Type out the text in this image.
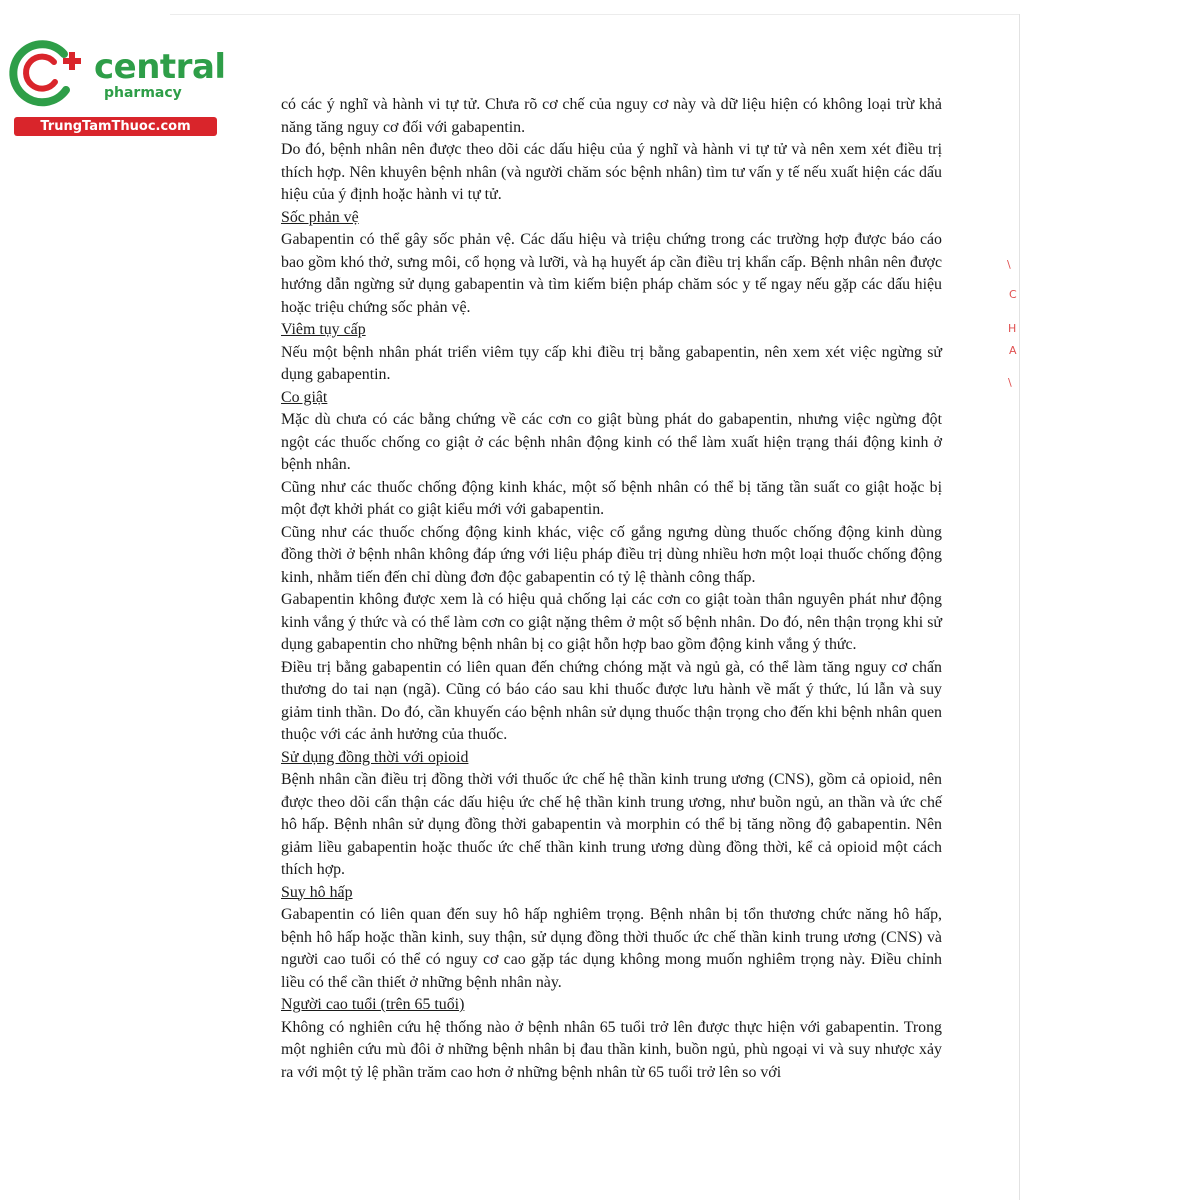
central
pharmacy
TrungTamThuoc.com
\
C
H
A
\

có các ý nghĩ và hành vi tự tử. Chưa rõ cơ chế của nguy cơ này và dữ liệu hiện có không loại trừ khả năng tăng nguy cơ đối với gabapentin.

Do đó, bệnh nhân nên được theo dõi các dấu hiệu của ý nghĩ và hành vi tự tử và nên xem xét điều trị thích hợp. Nên khuyên bệnh nhân (và người chăm sóc bệnh nhân) tìm tư vấn y tế nếu xuất hiện các dấu hiệu của ý định hoặc hành vi tự tử.

Sốc phản vệ

Gabapentin có thể gây sốc phản vệ. Các dấu hiệu và triệu chứng trong các trường hợp được báo cáo bao gồm khó thở, sưng môi, cổ họng và lưỡi, và hạ huyết áp cần điều trị khẩn cấp. Bệnh nhân nên được hướng dẫn ngừng sử dụng gabapentin và tìm kiếm biện pháp chăm sóc y tế ngay nếu gặp các dấu hiệu hoặc triệu chứng sốc phản vệ.

Viêm tụy cấp

Nếu một bệnh nhân phát triển viêm tụy cấp khi điều trị bằng gabapentin, nên xem xét việc ngừng sử dụng gabapentin.

Co giật

Mặc dù chưa có các bằng chứng về các cơn co giật bùng phát do gabapentin, nhưng việc ngừng đột ngột các thuốc chống co giật ở các bệnh nhân động kinh có thể làm xuất hiện trạng thái động kinh ở bệnh nhân.

Cũng như các thuốc chống động kinh khác, một số bệnh nhân có thể bị tăng tần suất co giật hoặc bị một đợt khởi phát co giật kiểu mới với gabapentin.

Cũng như các thuốc chống động kinh khác, việc cố gắng ngưng dùng thuốc chống động kinh dùng đồng thời ở bệnh nhân không đáp ứng với liệu pháp điều trị dùng nhiều hơn một loại thuốc chống động kinh, nhằm tiến đến chỉ dùng đơn độc gabapentin có tỷ lệ thành công thấp.

Gabapentin không được xem là có hiệu quả chống lại các cơn co giật toàn thân nguyên phát như động kinh vắng ý thức và có thể làm cơn co giật nặng thêm ở một số bệnh nhân. Do đó, nên thận trọng khi sử dụng gabapentin cho những bệnh nhân bị co giật hỗn hợp bao gồm động kinh vắng ý thức.

Điều trị bằng gabapentin có liên quan đến chứng chóng mặt và ngủ gà, có thể làm tăng nguy cơ chấn thương do tai nạn (ngã). Cũng có báo cáo sau khi thuốc được lưu hành về mất ý thức, lú lẫn và suy giảm tinh thần. Do đó, cần khuyến cáo bệnh nhân sử dụng thuốc thận trọng cho đến khi bệnh nhân quen thuộc với các ảnh hưởng của thuốc.

Sử dụng đồng thời với opioid

Bệnh nhân cần điều trị đồng thời với thuốc ức chế hệ thần kinh trung ương (CNS), gồm cả opioid, nên được theo dõi cẩn thận các dấu hiệu ức chế hệ thần kinh trung ương, như buồn ngủ, an thần và ức chế hô hấp. Bệnh nhân sử dụng đồng thời gabapentin và morphin có thể bị tăng nồng độ gabapentin. Nên giảm liều gabapentin hoặc thuốc ức chế thần kinh trung ương dùng đồng thời, kể cả opioid một cách thích hợp.

Suy hô hấp

Gabapentin có liên quan đến suy hô hấp nghiêm trọng. Bệnh nhân bị tổn thương chức năng hô hấp, bệnh hô hấp hoặc thần kinh, suy thận, sử dụng đồng thời thuốc ức chế thần kinh trung ương (CNS) và người cao tuổi có thể có nguy cơ cao gặp tác dụng không mong muốn nghiêm trọng này. Điều chỉnh liều có thể cần thiết ở những bệnh nhân này.

Người cao tuổi (trên 65 tuổi)

Không có nghiên cứu hệ thống nào ở bệnh nhân 65 tuổi trở lên được thực hiện với gabapentin. Trong một nghiên cứu mù đôi ở những bệnh nhân bị đau thần kinh, buồn ngủ, phù ngoại vi và suy nhược xảy ra với một tỷ lệ phần trăm cao hơn ở những bệnh nhân từ 65 tuổi trở lên so với
